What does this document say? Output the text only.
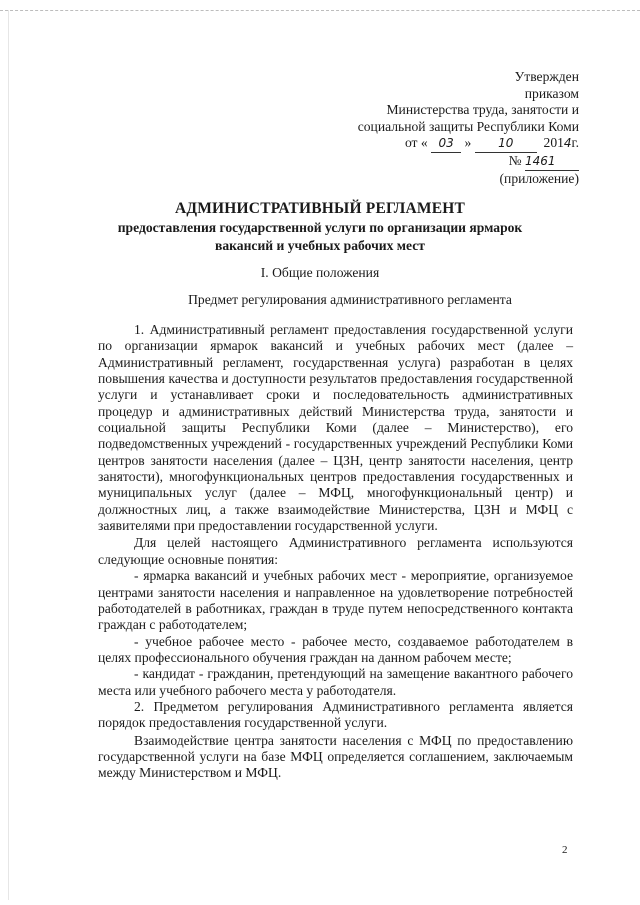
Утвержден
приказом
Министерства труда, занятости и
социальной защиты Республики Коми
от « 03 » 10 2014г.
№ 1461
(приложение)
АДМИНИСТРАТИВНЫЙ РЕГЛАМЕНТ
предоставления государственной услуги по организации ярмарок
вакансий и учебных рабочих мест
I. Общие положения
Предмет регулирования административного регламента

1. Административный регламент предоставления государственной услуги по организации ярмарок вакансий и учебных рабочих мест (далее – Административный регламент, государственная услуга) разработан в целях повышения качества и доступности результатов предоставления государственной услуги и устанавливает сроки и последовательность административных процедур и административных действий Министерства труда, занятости и социальной защиты Республики Коми (далее – Министерство), его подведомственных учреждений - государственных учреждений Республики Коми центров занятости населения (далее – ЦЗН, центр занятости населения, центр занятости), многофункциональных центров предоставления государственных и муниципальных услуг (далее – МФЦ, многофункциональный центр) и должностных лиц, а также взаимодействие Министерства, ЦЗН и МФЦ с заявителями при предоставлении государственной услуги.

Для целей настоящего Административного регламента используются следующие основные понятия:

- ярмарка вакансий и учебных рабочих мест - мероприятие, организуемое центрами занятости населения и направленное на удовлетворение потребностей работодателей в работниках, граждан в труде путем непосредственного контакта граждан с работодателем;

- учебное рабочее место - рабочее место, создаваемое работодателем в целях профессионального обучения граждан на данном рабочем месте;

- кандидат - гражданин, претендующий на замещение вакантного рабочего места или учебного рабочего места у работодателя.

2. Предметом регулирования Административного регламента является порядок предоставления государственной услуги.

Взаимодействие центра занятости населения с МФЦ по предоставлению государственной услуги на базе МФЦ определяется соглашением, заключаемым между Министерством и МФЦ.

2
